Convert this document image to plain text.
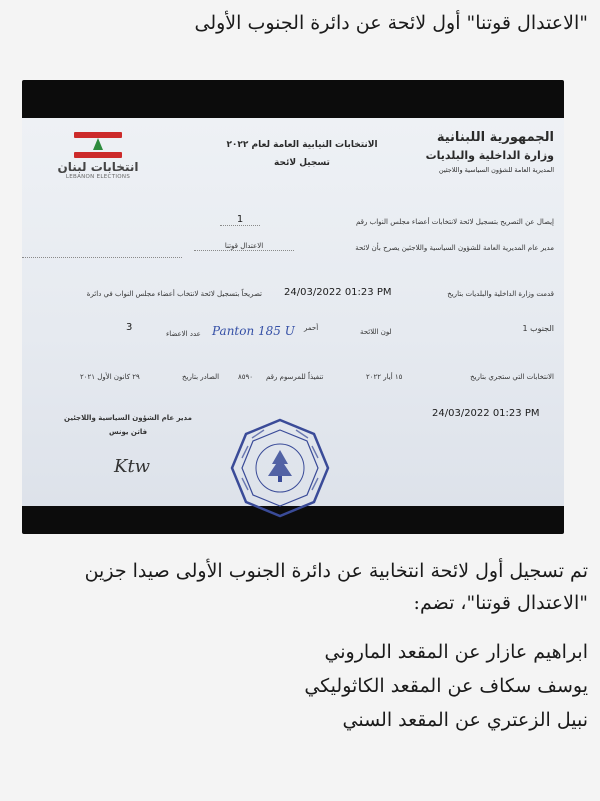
"الاعتدال قوتنا" أول لائحة عن دائرة الجنوب الأولى
الجمهورية اللبنانية
وزارة الداخلية والبلديات
المديرية العامة للشؤون السياسية واللاجئين
الانتخابات النيابية العامة لعام ٢٠٢٢
تسجيل لائحة
انتخابات لبنان
LEBANON ELECTIONS
إيصال عن التصريح بتسجيل لائحة لانتخابات أعضاء مجلس النواب رقم
1
مدير عام المديرية العامة للشؤون السياسية واللاجئين يصرح بأن لائحة
الاعتدال قوتنا
قدمت وزارة الداخلية والبلديات بتاريخ
24/03/2022 01:23 PM
تصريحاً بتسجيل لائحة لانتخاب أعضاء مجلس النواب في دائرة
الجنوب 1
لون اللائحة
أحمر
Panton 185 U
عدد الاعضاء
3
الانتخابات التي ستجري بتاريخ
١٥ أيار ٢٠٢٢
تنفيذاً للمرسوم رقم
٨٥٩٠
الصادر بتاريخ
٢٩ كانون الأول ٢٠٢١
24/03/2022 01:23 PM
مدير عام الشؤون السياسية واللاجئين
فاتن يونس
Ktw
تم تسجيل أول لائحة انتخابية عن دائرة الجنوب الأولى صيدا جزين "الاعتدال قوتنا"، تضم:
ابراهيم عازار عن المقعد الماروني
يوسف سكاف عن المقعد الكاثوليكي
نبيل الزعتري عن المقعد السني
